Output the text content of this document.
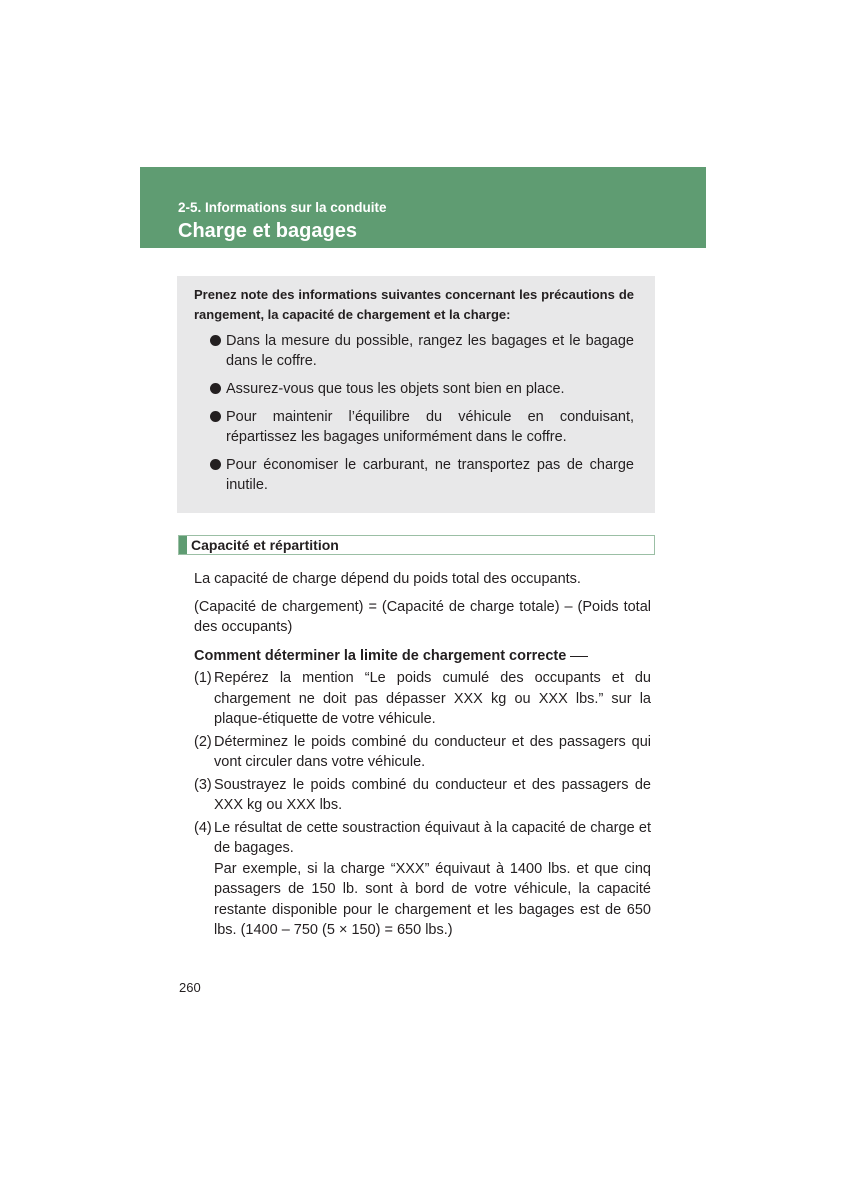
2-5. Informations sur la conduite
Charge et bagages
Prenez note des informations suivantes concernant les précautions de rangement, la capacité de chargement et la charge:
Dans la mesure du possible, rangez les bagages et le bagage dans le coffre.
Assurez-vous que tous les objets sont bien en place.
Pour maintenir l’équilibre du véhicule en conduisant, répartissez les bagages uniformément dans le coffre.
Pour économiser le carburant, ne transportez pas de charge inutile.
Capacité et répartition
La capacité de charge dépend du poids total des occupants.
(Capacité de chargement) = (Capacité de charge totale) – (Poids total des occupants)
Comment déterminer la limite de chargement correcte
(1) Repérez la mention “Le poids cumulé des occupants et du chargement ne doit pas dépasser XXX kg ou XXX lbs.” sur la plaque-étiquette de votre véhicule.
(2) Déterminez le poids combiné du conducteur et des passagers qui vont circuler dans votre véhicule.
(3) Soustrayez le poids combiné du conducteur et des passagers de XXX kg ou XXX lbs.
(4) Le résultat de cette soustraction équivaut à la capacité de charge et de bagages.
Par exemple, si la charge “XXX” équivaut à 1400 lbs. et que cinq passagers de 150 lb. sont à bord de votre véhicule, la capacité restante disponible pour le chargement et les bagages est de 650 lbs. (1400 – 750 (5 × 150) = 650 lbs.)
260
